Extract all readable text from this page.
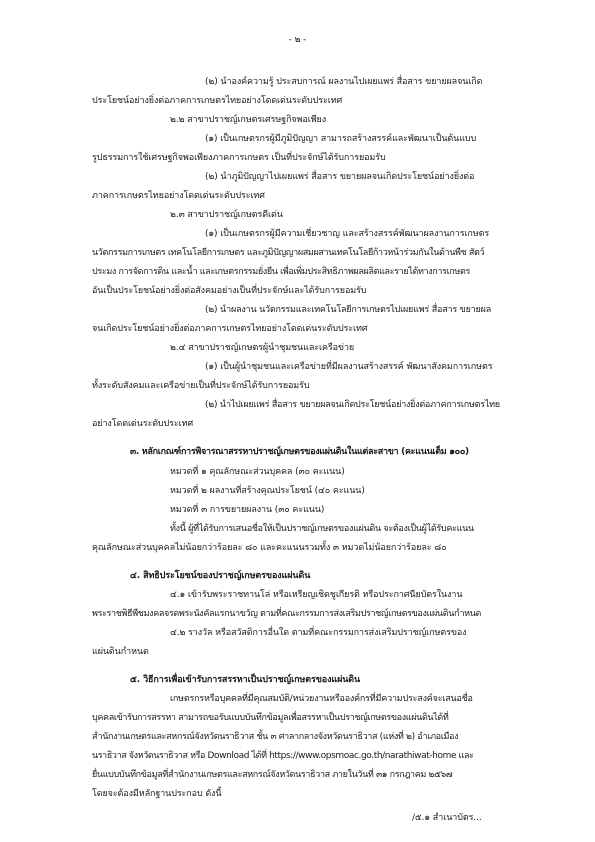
- ๒ -
(๒) นำองค์ความรู้ ประสบการณ์ ผลงานไปเผยแพร่ สื่อสาร ขยายผลจนเกิด
ประโยชน์อย่างยิ่งต่อภาคการเกษตรไทยอย่างโดดเด่นระดับประเทศ
๒.๒ สาขาปราชญ์เกษตรเศรษฐกิจพอเพียง
(๑) เป็นเกษตรกรผู้มีภูมิปัญญา สามารถสร้างสรรค์และพัฒนาเป็นต้นแบบ
รูปธรรมการใช้เศรษฐกิจพอเพียงภาคการเกษตร เป็นที่ประจักษ์ได้รับการยอมรับ
(๒) นำภูมิปัญญาไปเผยแพร่ สื่อสาร ขยายผลจนเกิดประโยชน์อย่างยิ่งต่อ
ภาคการเกษตรไทยอย่างโดดเด่นระดับประเทศ
๒.๓ สาขาปราชญ์เกษตรดีเด่น
(๑) เป็นเกษตรกรผู้มีความเชี่ยวชาญ และสร้างสรรค์พัฒนาผลงานการเกษตร
นวัตกรรมการเกษตร เทคโนโลยีการเกษตร และภูมิปัญญาผสมผสานเทคโนโลยีก้าวหน้าร่วมกันในด้านพืช สัตว์
ประมง การจัดการดิน และน้ำ และเกษตรกรรมยั่งยืน เพื่อเพิ่มประสิทธิภาพผลผลิตและรายได้ทางการเกษตร
อันเป็นประโยชน์อย่างยิ่งต่อสังคมอย่างเป็นที่ประจักษ์และได้รับการยอมรับ
(๒) นำผลงาน นวัตกรรมและเทคโนโลยีการเกษตรไปเผยแพร่ สื่อสาร ขยายผล
จนเกิดประโยชน์อย่างยิ่งต่อภาคการเกษตรไทยอย่างโดดเด่นระดับประเทศ
๒.๔ สาขาปราชญ์เกษตรผู้นำชุมชนและเครือข่าย
(๑) เป็นผู้นำชุมชนและเครือข่ายที่มีผลงานสร้างสรรค์ พัฒนาสังคมการเกษตร
ทั้งระดับสังคมและเครือข่ายเป็นที่ประจักษ์ได้รับการยอมรับ
(๒) นำไปเผยแพร่ สื่อสาร ขยายผลจนเกิดประโยชน์อย่างยิ่งต่อภาคการเกษตรไทย
อย่างโดดเด่นระดับประเทศ
๓. หลักเกณฑ์การพิจารณาสรรหาปราชญ์เกษตรของแผ่นดินในแต่ละสาขา (คะแนนเต็ม ๑๐๐)
หมวดที่ ๑ คุณลักษณะส่วนบุคคล (๓๐ คะแนน)
หมวดที่ ๒ ผลงานที่สร้างคุณประโยชน์ (๔๐ คะแนน)
หมวดที่ ๓ การขยายผลงาน (๓๐ คะแนน)
ทั้งนี้ ผู้ที่ได้รับการเสนอชื่อให้เป็นปราชญ์เกษตรของแผ่นดิน จะต้องเป็นผู้ได้รับคะแนน
คุณลักษณะส่วนบุคคลไม่น้อยกว่าร้อยละ ๘๐ และคะแนนรวมทั้ง ๓ หมวดไม่น้อยกว่าร้อยละ ๘๐
๔. สิทธิประโยชน์ของปราชญ์เกษตรของแผ่นดิน
๔.๑ เข้ารับพระราชทานโล่ หรือเหรียญเชิดชูเกียรติ หรือประกาศนียบัตรในงาน
พระราชพิธีพืชมงคลจรดพระนังคัลแรกนาขวัญ ตามที่คณะกรรมการส่งเสริมปราชญ์เกษตรของแผ่นดินกำหนด
๔.๒ รางวัล หรือสวัสดิการอื่นใด ตามที่คณะกรรมการส่งเสริมปราชญ์เกษตรของ
แผ่นดินกำหนด
๕. วิธีการเพื่อเข้ารับการสรรหาเป็นปราชญ์เกษตรของแผ่นดิน
เกษตรกรหรือบุคคลที่มีคุณสมบัติ/หน่วยงานหรือองค์กรที่มีความประสงค์จะเสนอชื่อ
บุคคลเข้ารับการสรรหา สามารถขอรับแบบบันทึกข้อมูลเพื่อสรรหาเป็นปราชญ์เกษตรของแผ่นดินได้ที่
สำนักงานเกษตรและสหกรณ์จังหวัดนราธิวาส ชั้น ๓ ศาลากลางจังหวัดนราธิวาส (แห่งที่ ๒) อำเภอเมือง
นราธิวาส จังหวัดนราธิวาส หรือ Download ได้ที่ https://www.opsmoac.go.th/narathiwat-home และ
ยื่นแบบบันทึกข้อมูลที่สำนักงานเกษตรและสหกรณ์จังหวัดนราธิวาส ภายในวันที่ ๓๑ กรกฎาคม ๒๕๖๗
โดยจะต้องมีหลักฐานประกอบ ดังนี้
/๕.๑ สำเนาบัตร...
